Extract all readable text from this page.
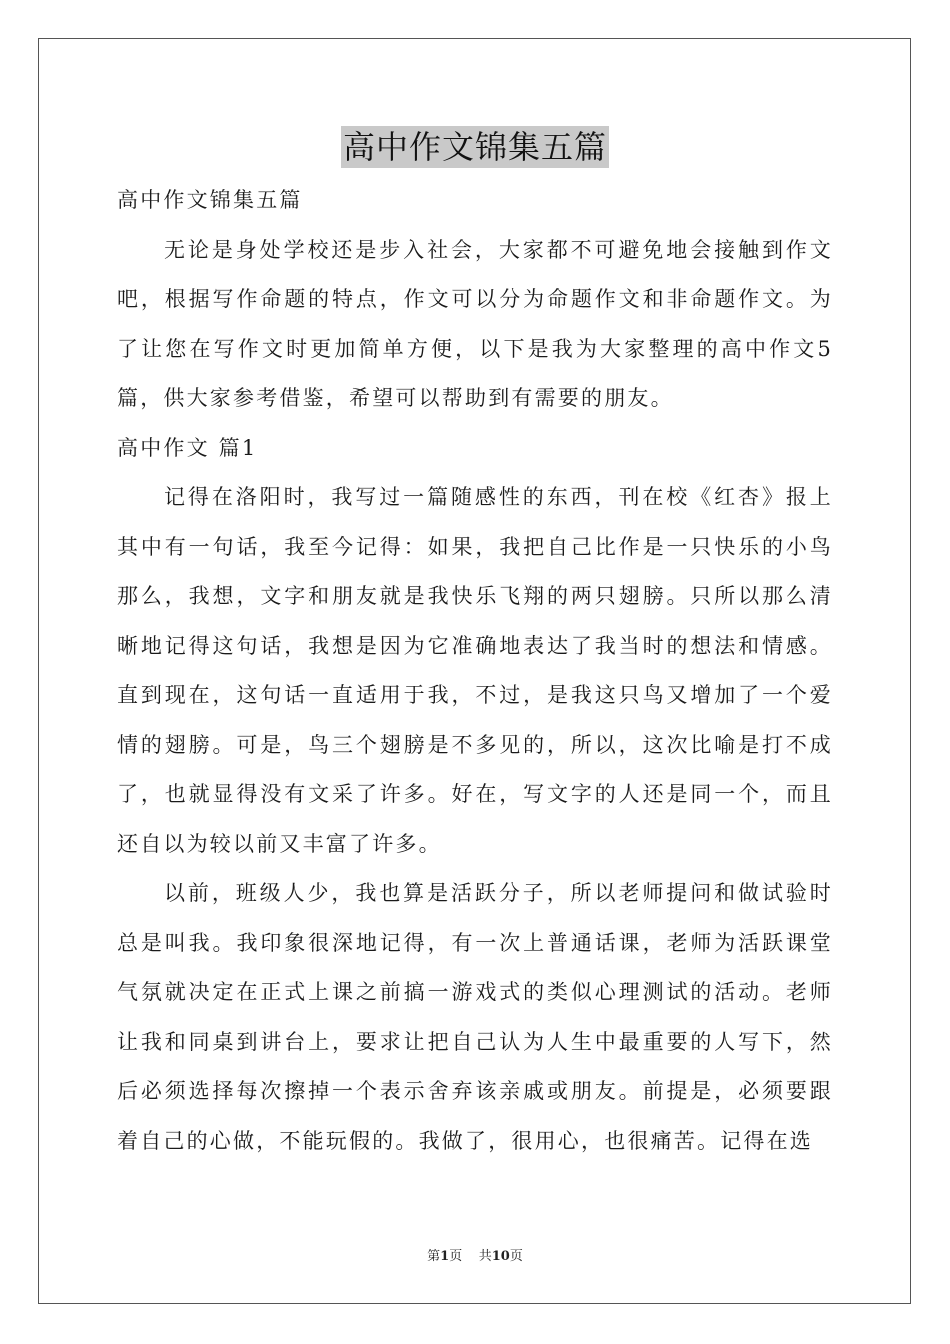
高中作文锦集五篇

高中作文锦集五篇

无论是身处学校还是步入社会，大家都不可避免地会接触到作文吧，根据写作命题的特点，作文可以分为命题作文和非命题作文。为了让您在写作文时更加简单方便，以下是我为大家整理的高中作文5篇，供大家参考借鉴，希望可以帮助到有需要的朋友。

高中作文 篇1

记得在洛阳时，我写过一篇随感性的东西，刊在校《红杏》报上其中有一句话，我至今记得：如果，我把自己比作是一只快乐的小鸟那么，我想，文字和朋友就是我快乐飞翔的两只翅膀。只所以那么清晰地记得这句话，我想是因为它准确地表达了我当时的想法和情感。直到现在，这句话一直适用于我，不过，是我这只鸟又增加了一个爱情的翅膀。可是，鸟三个翅膀是不多见的，所以，这次比喻是打不成了，也就显得没有文采了许多。好在，写文字的人还是同一个，而且还自以为较以前又丰富了许多。

以前，班级人少，我也算是活跃分子，所以老师提问和做试验时总是叫我。我印象很深地记得，有一次上普通话课，老师为活跃课堂气氛就决定在正式上课之前搞一游戏式的类似心理测试的活动。老师让我和同桌到讲台上，要求让把自己认为人生中最重要的人写下，然后必须选择每次擦掉一个表示舍弃该亲戚或朋友。前提是，必须要跟着自己的心做，不能玩假的。我做了，很用心，也很痛苦。记得在选

第1页 共10页
